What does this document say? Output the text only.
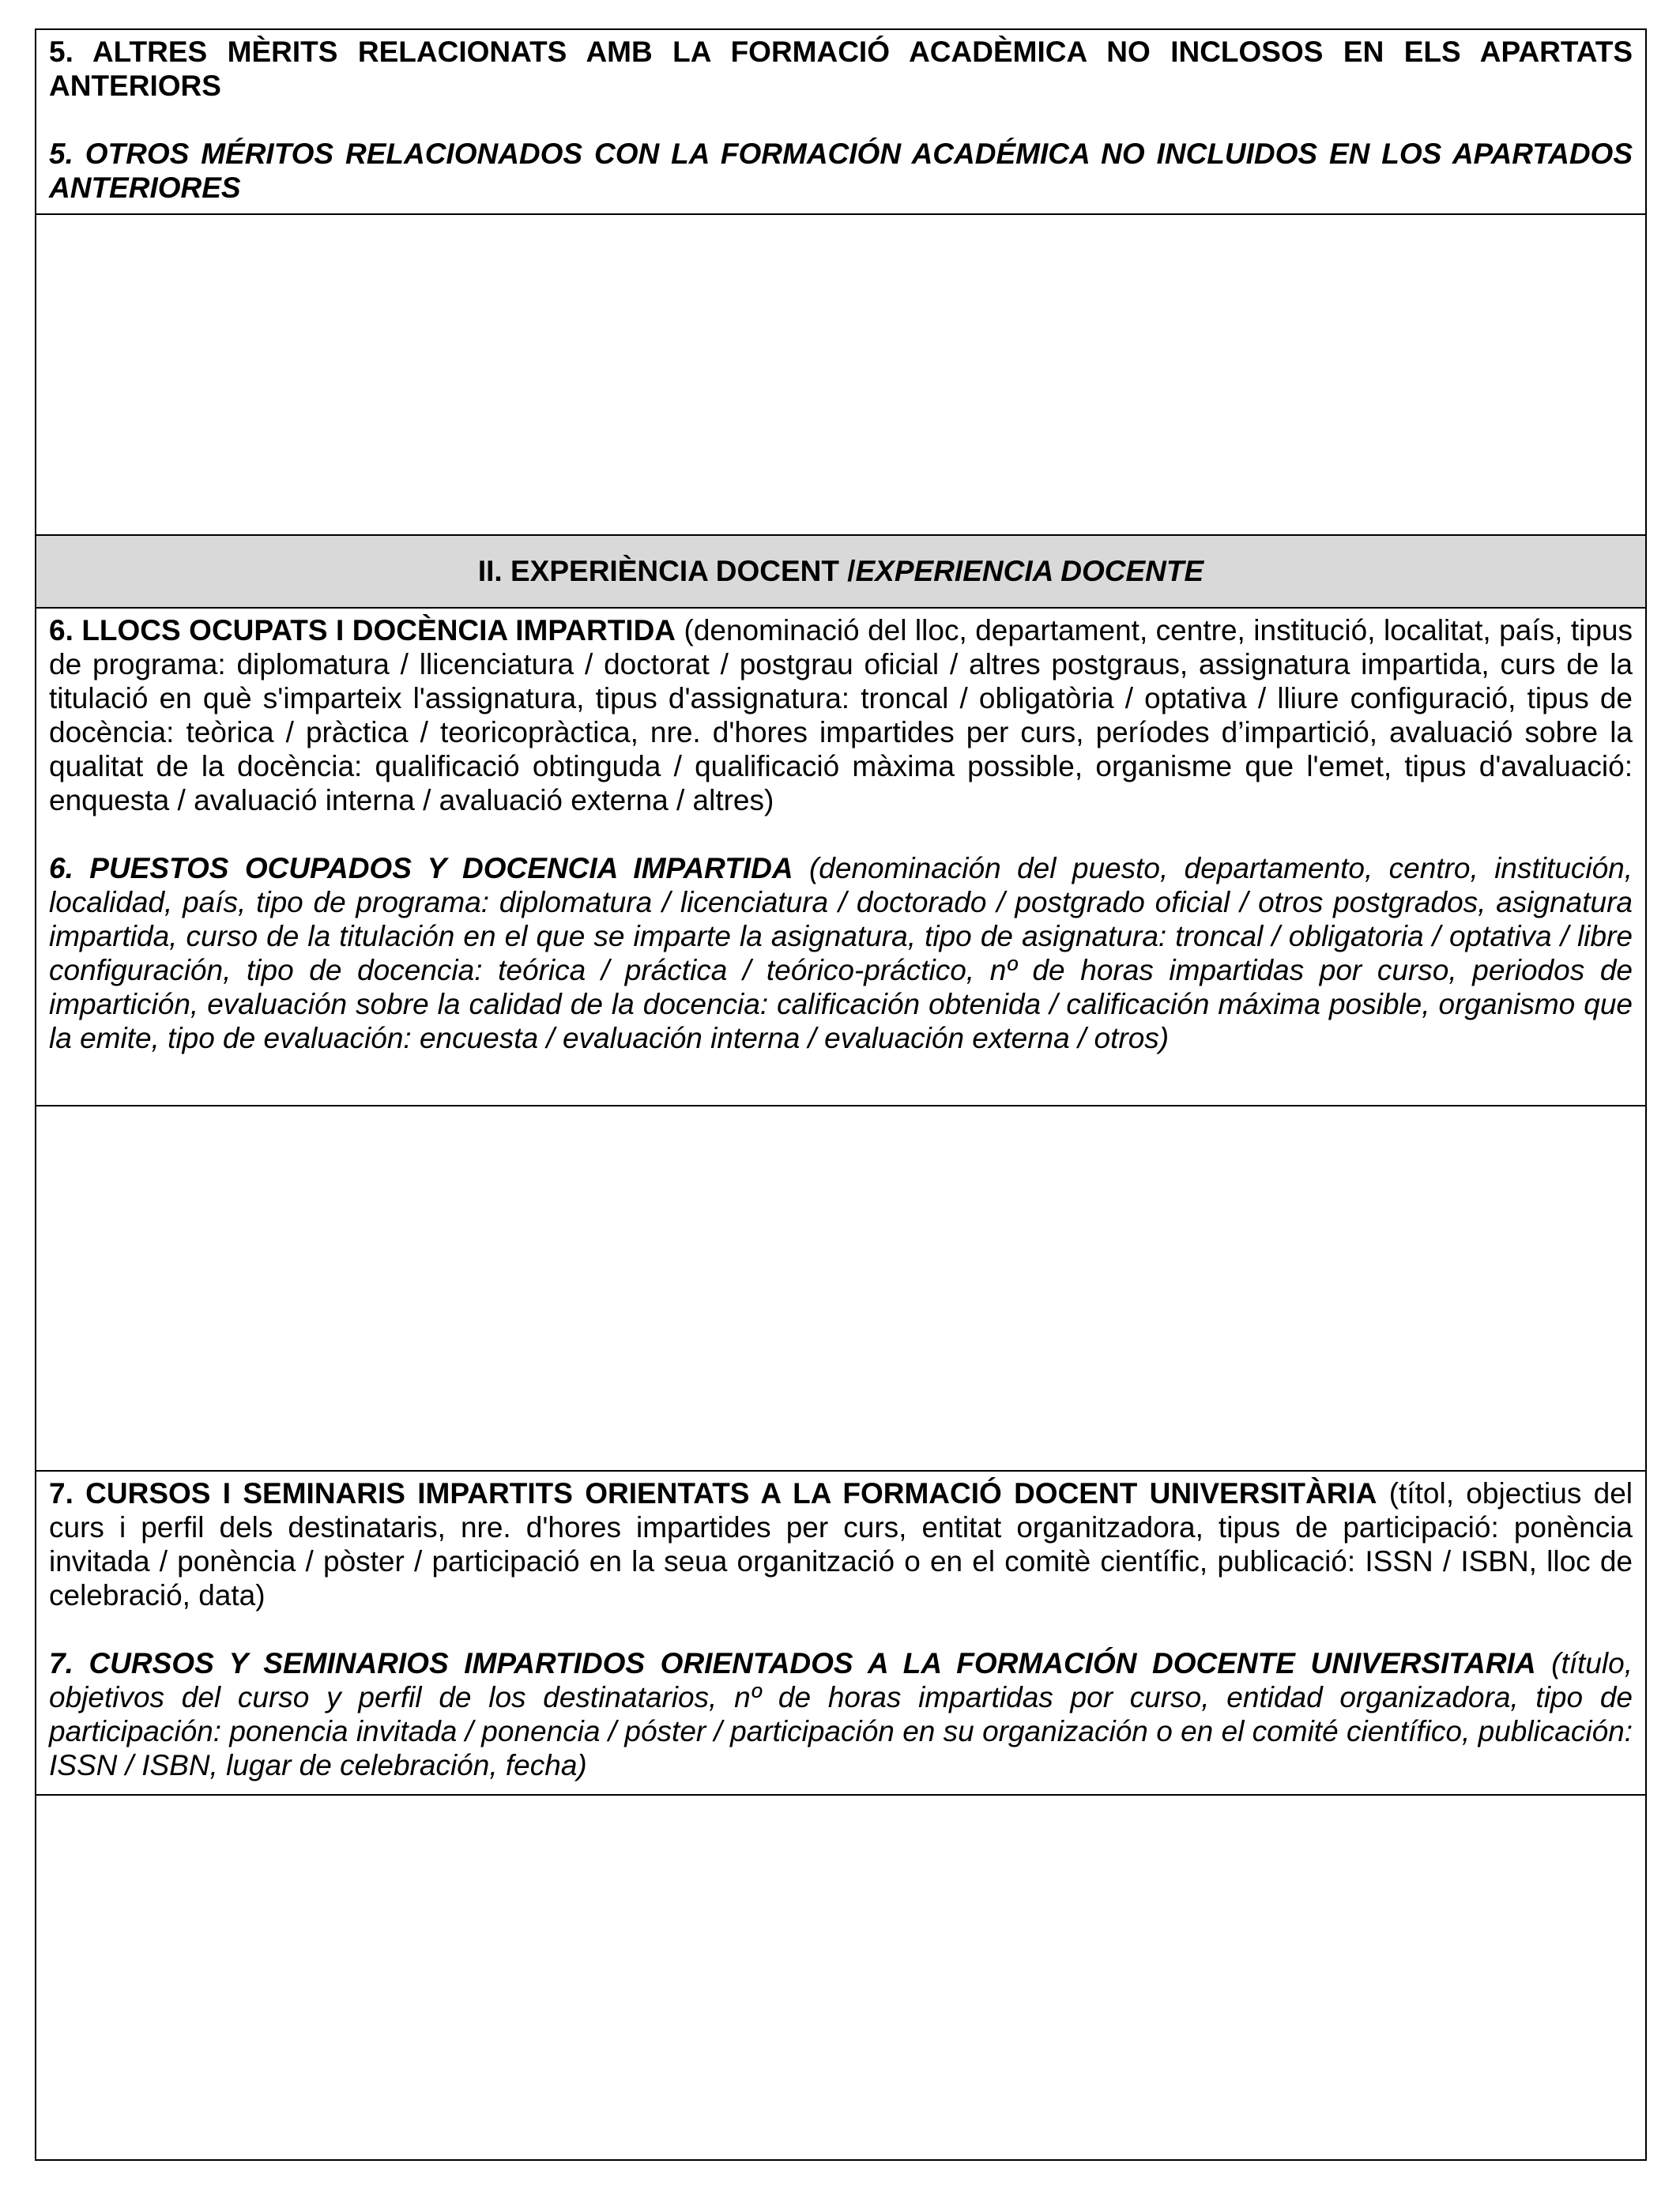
5. ALTRES MÈRITS RELACIONATS AMB LA FORMACIÓ ACADÈMICA NO INCLOSOS EN ELS APARTATS ANTERIORS

5. OTROS MÉRITOS RELACIONADOS CON LA FORMACIÓN ACADÉMICA NO INCLUIDOS EN LOS APARTADOS ANTERIORES

II. EXPERIÈNCIA DOCENT / EXPERIENCIA DOCENTE

6. LLOCS OCUPATS I DOCÈNCIA IMPARTIDA (denominació del lloc, departament, centre, institució, localitat, país, tipus de programa: diplomatura / llicenciatura / doctorat / postgrau oficial / altres postgraus, assignatura impartida, curs de la titulació en què s'imparteix l'assignatura, tipus d'assignatura: troncal / obligatòria / optativa / lliure configuració, tipus de docència: teòrica / pràctica / teoricopràctica, nre. d'hores impartides per curs, períodes d’impartició, avaluació sobre la qualitat de la docència: qualificació obtinguda / qualificació màxima possible, organisme que l'emet, tipus d'avaluació: enquesta / avaluació interna / avaluació externa / altres)

6. PUESTOS OCUPADOS Y DOCENCIA IMPARTIDA (denominación del puesto, departamento, centro, institución, localidad, país, tipo de programa: diplomatura / licenciatura / doctorado / postgrado oficial / otros postgrados, asignatura impartida, curso de la titulación en el que se imparte la asignatura, tipo de asignatura: troncal / obligatoria / optativa / libre configuración, tipo de docencia: teórica / práctica / teórico-práctico, nº de horas impartidas por curso, periodos de impartición, evaluación sobre la calidad de la docencia: calificación obtenida / calificación máxima posible, organismo que la emite, tipo de evaluación: encuesta / evaluación interna / evaluación externa / otros)

7. CURSOS I SEMINARIS IMPARTITS ORIENTATS A LA FORMACIÓ DOCENT UNIVERSITÀRIA (títol, objectius del curs i perfil dels destinataris, nre. d'hores impartides per curs, entitat organitzadora, tipus de participació: ponència invitada / ponència / pòster / participació en la seua organització o en el comitè científic, publicació: ISSN / ISBN, lloc de celebració, data)

7. CURSOS Y SEMINARIOS IMPARTIDOS ORIENTADOS A LA FORMACIÓN DOCENTE UNIVERSITARIA (título, objetivos del curso y perfil de los destinatarios, nº de horas impartidas por curso, entidad organizadora, tipo de participación: ponencia invitada / ponencia / póster / participación en su organización o en el comité científico, publicación: ISSN / ISBN, lugar de celebración, fecha)
